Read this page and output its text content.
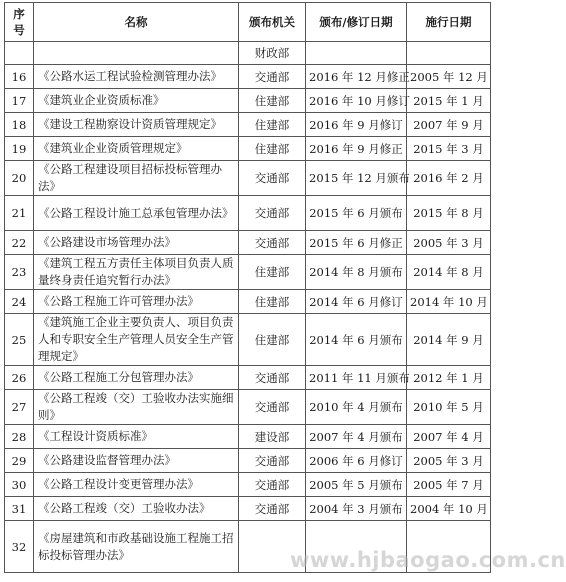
序号	名称	颁布机关	颁布/修订日期	施行日期
		财政部		
16	《公路水运工程试验检测管理办法》	交通部	2016 年 12 月修正	2005 年 12 月
17	《建筑业企业资质标准》	住建部	2016 年 10 月修订	2015 年 1 月
18	《建设工程勘察设计资质管理规定》	住建部	2016 年 9 月修订	2007 年 9 月
19	《建筑业企业资质管理规定》	住建部	2016 年 9 月修正	2015 年 3 月
20	《公路工程建设项目招标投标管理办法》	交通部	2015 年 12 月颁布	2016 年 2 月
21	《公路工程设计施工总承包管理办法》	交通部	2015 年 6 月颁布	2015 年 8 月
22	《公路建设市场管理办法》	交通部	2015 年 6 月修正	2005 年 3 月
23	《建筑工程五方责任主体项目负责人质量终身责任追究暂行办法》	住建部	2014 年 8 月颁布	2014 年 8 月
24	《公路工程施工许可管理办法》	住建部	2014 年 6 月修订	2014 年 10 月
25	《建筑施工企业主要负责人、项目负责人和专职安全生产管理人员安全生产管理规定》	住建部	2014 年 6 月颁布	2014 年 9 月
26	《公路工程施工分包管理办法》	交通部	2011 年 11 月颁布	2012 年 1 月
27	《公路工程竣（交）工验收办法实施细则》	交通部	2010 年 4 月颁布	2010 年 5 月
28	《工程设计资质标准》	建设部	2007 年 4 月颁布	2007 年 4 月
29	《公路建设监督管理办法》	交通部	2006 年 6 月修订	2005 年 3 月
30	《公路工程设计变更管理办法》	交通部	2005 年 5 月颁布	2005 年 7 月
31	《公路工程竣（交）工验收办法》	交通部	2004 年 3 月颁布	2004 年 10 月
32	《房屋建筑和市政基础设施工程施工招标投标管理办法》				www.hjbaogao.com.cn
